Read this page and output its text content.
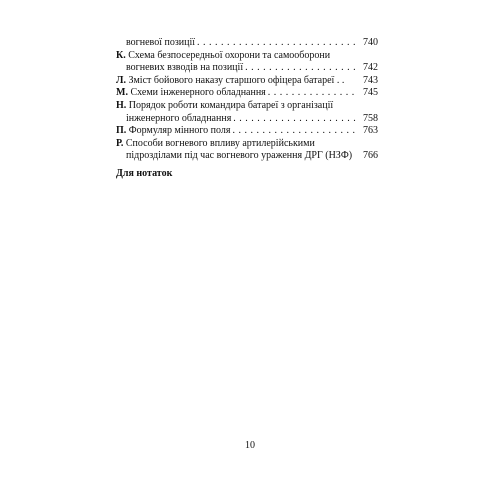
вогневої позиції . . .	740
К. Схема безпосередньої охорони та самооборони
вогневих взводів на позиції . . .	742
Л. Зміст бойового наказу старшого офіцера батареї . .	743
М. Схеми інженерного обладнання . . .	745
Н. Порядок роботи командира батареї з організації
інженерного обладнання . . .	758
П. Формуляр мінного поля . . .	763
Р. Способи вогневого впливу артилерійськими
підрозділами під час вогневого ураження ДРГ (НЗФ)	766
Для нотаток
10
